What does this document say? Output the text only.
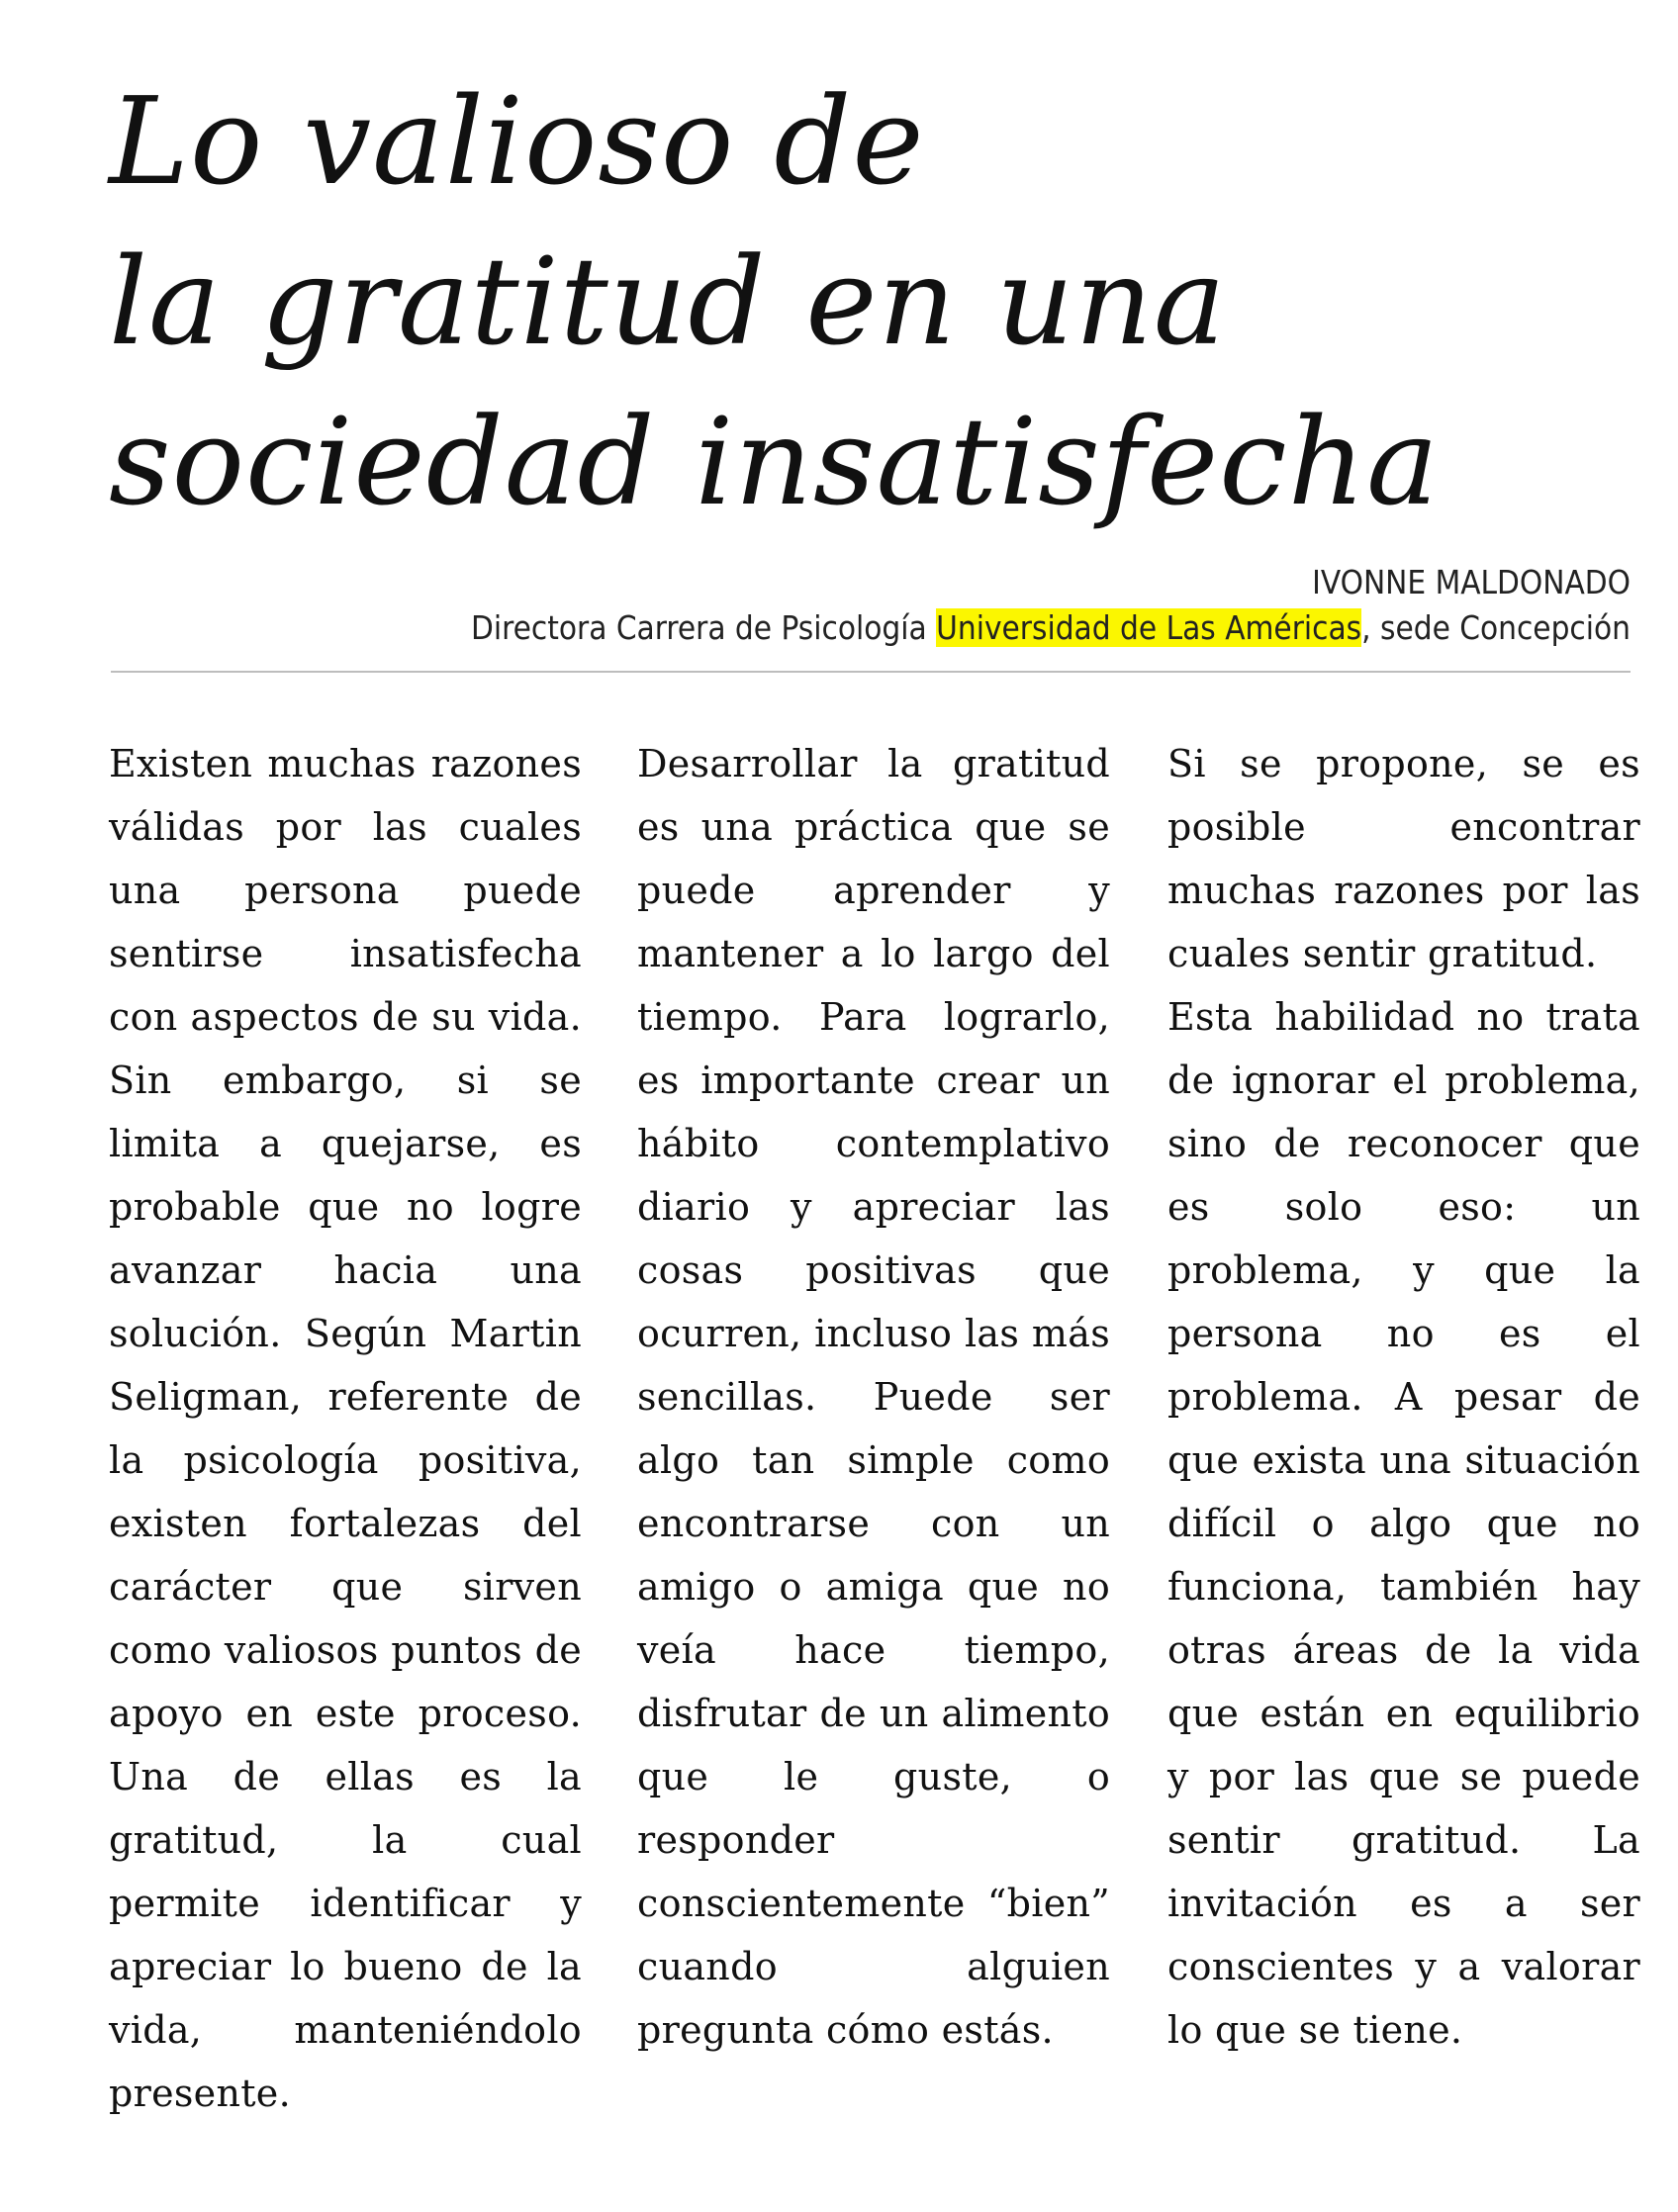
Lo valioso de
la gratitud en una
sociedad insatisfecha
IVONNE MALDONADO
Directora Carrera de Psicología Universidad de Las Américas, sede Concepción

Existen muchas razones válidas por las cuales una persona puede sentirse insatisfecha con aspectos de su vida. Sin embargo, si se limita a quejarse, es probable que no logre avanzar hacia una solución. Según Martin Seligman, referente de la psicología positiva, existen fortalezas del carácter que sirven como valiosos puntos de apoyo en este proceso. Una de ellas es la gratitud, la cual permite identificar y apreciar lo bueno de la vida, manteniéndolo presente.

Desarrollar la gratitud es una práctica que se puede aprender y mantener a lo largo del tiempo. Para lograrlo, es importante crear un hábito contemplativo diario y apreciar las cosas positivas que ocurren, incluso las más sencillas. Puede ser algo tan simple como encontrarse con un amigo o amiga que no veía hace tiempo, disfrutar de un alimento que le guste, o responder conscientemente “bien” cuando alguien pregunta cómo estás.

Si se propone, se es posible encontrar muchas razones por las cuales sentir gratitud.

Esta habilidad no trata de ignorar el problema, sino de reconocer que es solo eso: un problema, y que la persona no es el problema. A pesar de que exista una situación difícil o algo que no funciona, también hay otras áreas de la vida que están en equilibrio y por las que se puede sentir gratitud. La invitación es a ser conscientes y a valorar lo que se tiene.
